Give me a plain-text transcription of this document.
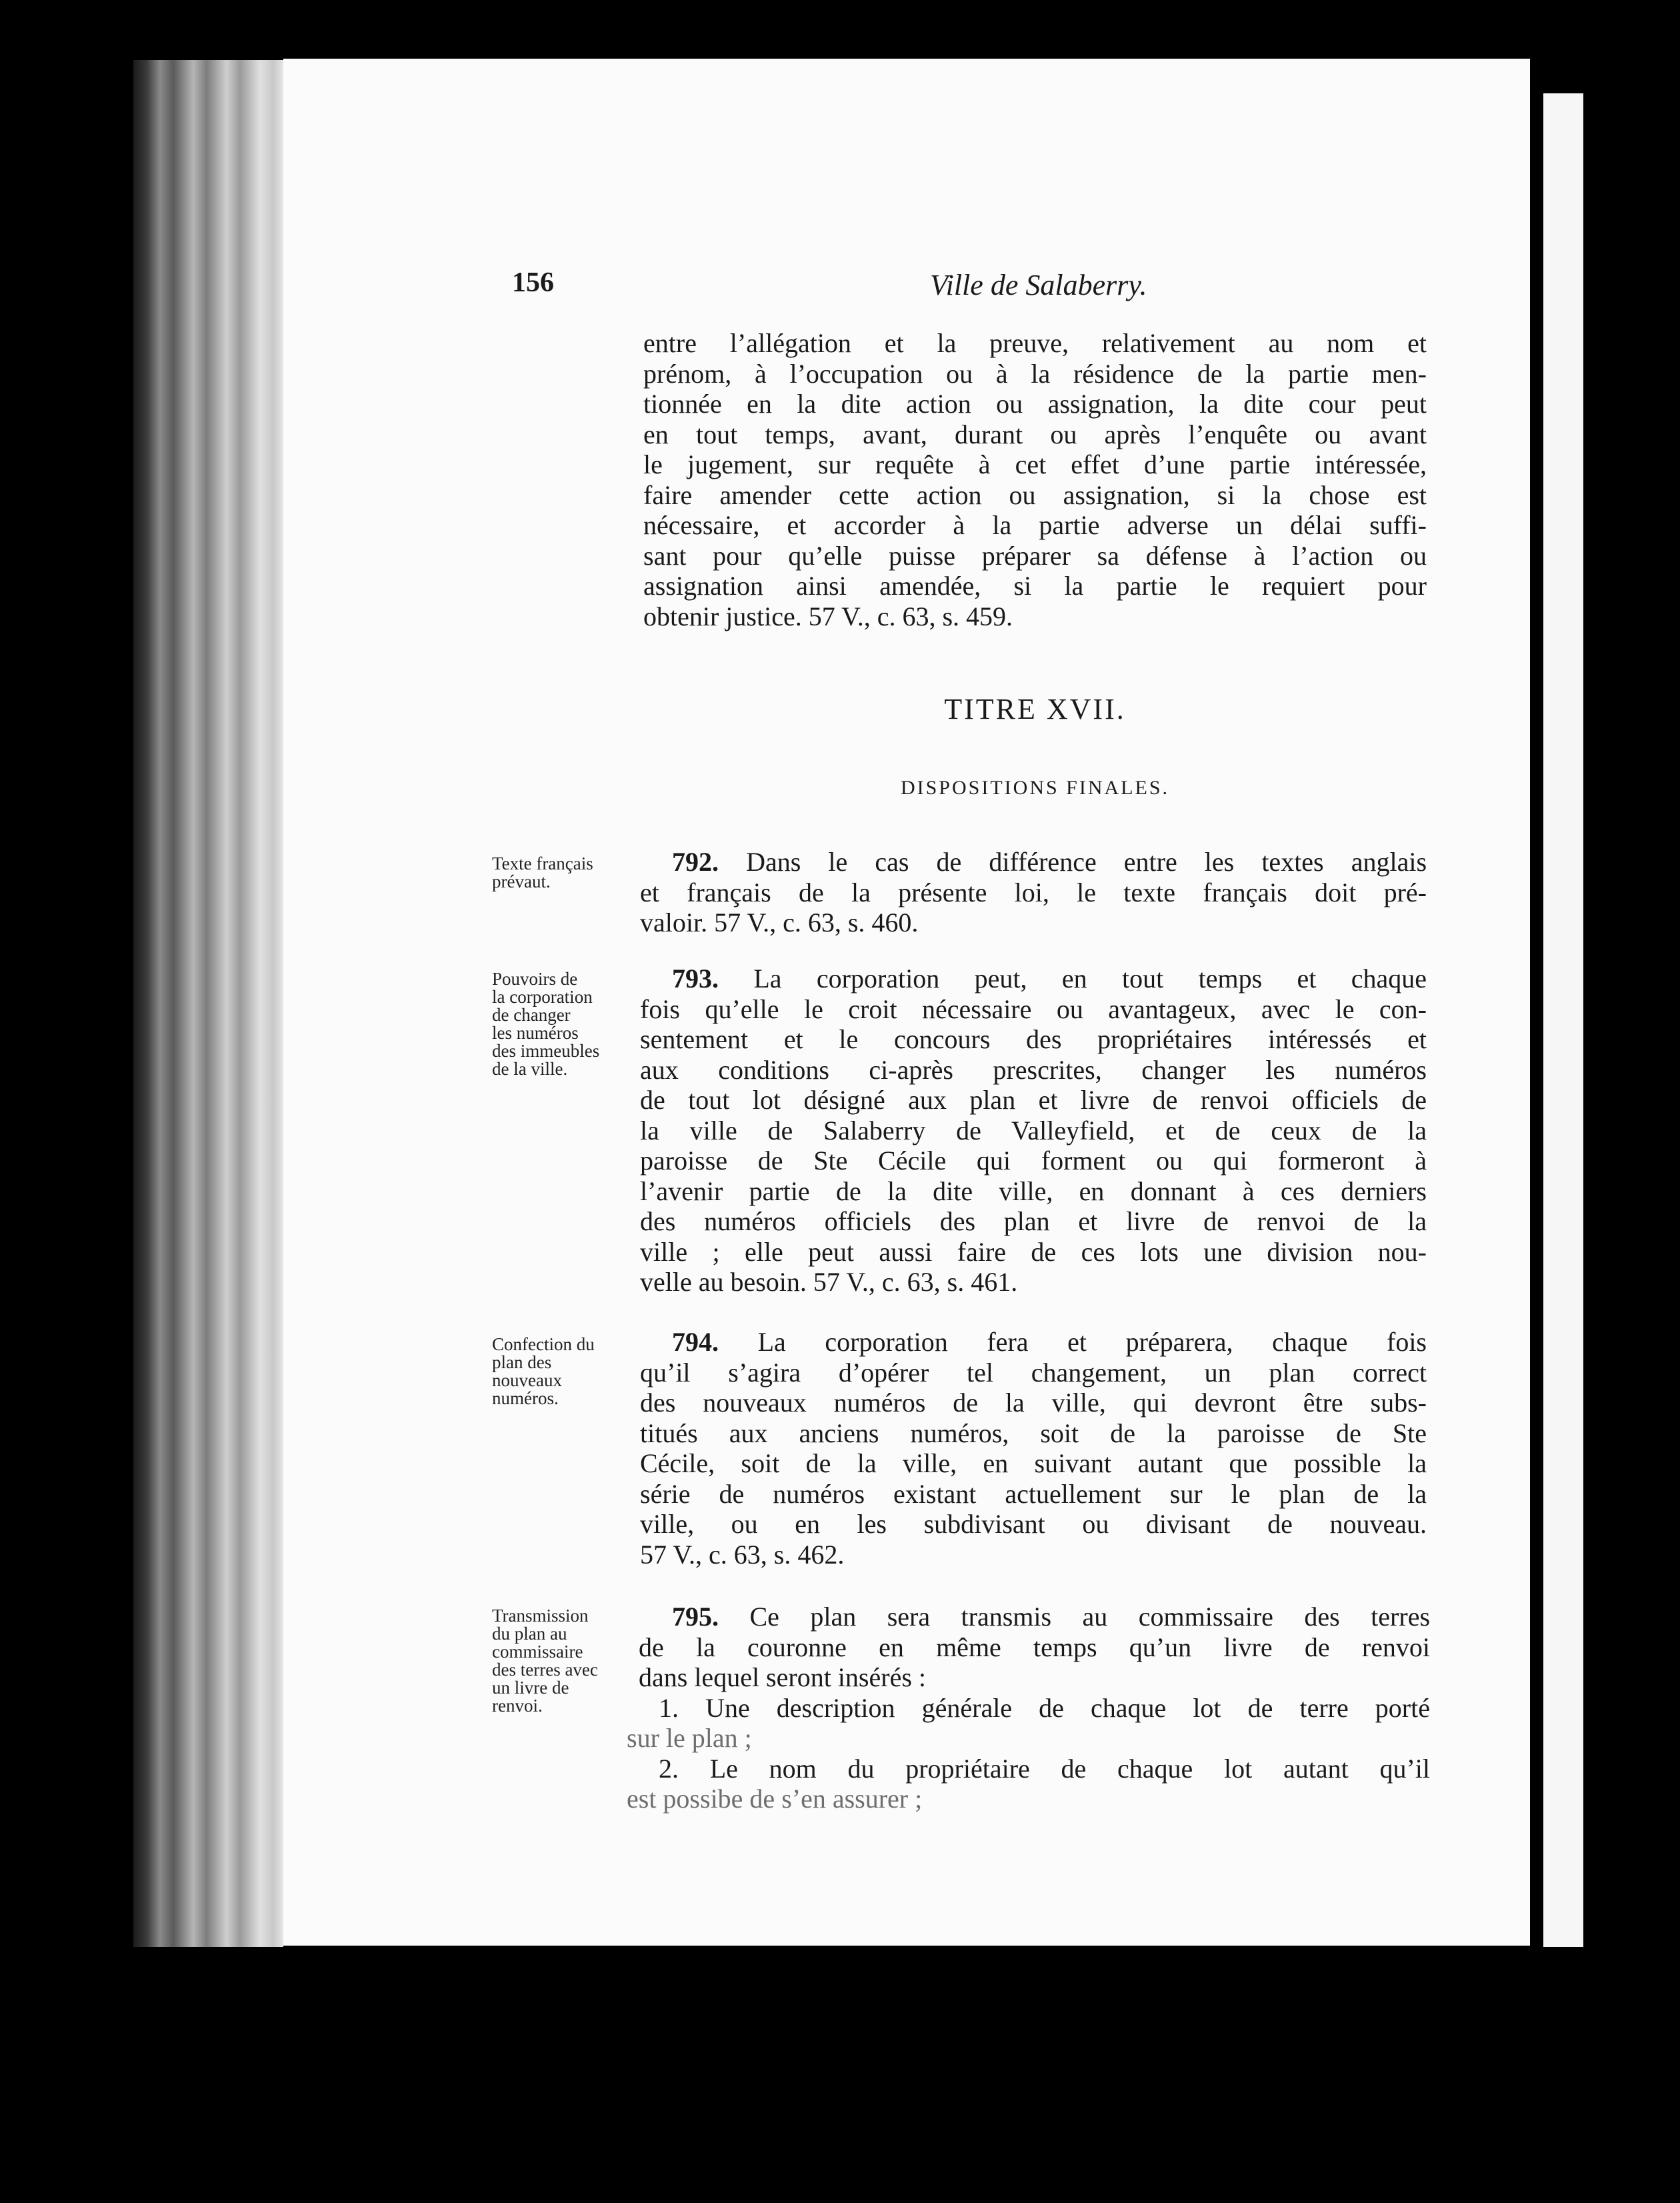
156	Ville de Salaberry.
entre l’allégation et la preuve, relativement au nom et
prénom, à l’occupation ou à la résidence de la partie men-
tionnée en la dite action ou assignation, la dite cour peut
en tout temps, avant, durant ou après l’enquête ou avant
le jugement, sur requête à cet effet d’une partie intéressée,
faire amender cette action ou assignation, si la chose est
nécessaire, et accorder à la partie adverse un délai suffi-
sant pour qu’elle puisse préparer sa défense à l’action ou
assignation ainsi amendée, si la partie le requiert pour
obtenir justice. 57 V., c. 63, s. 459.
TITRE XVII.
DISPOSITIONS FINALES.
Texte français
prévaut.
792. Dans le cas de différence entre les textes anglais
et français de la présente loi, le texte français doit pré-
valoir. 57 V., c. 63, s. 460.
Pouvoirs de
la corporation
de changer
les numéros
des immeubles
de la ville.
793. La corporation peut, en tout temps et chaque
fois qu’elle le croit nécessaire ou avantageux, avec le con-
sentement et le concours des propriétaires intéressés et
aux conditions ci-après prescrites, changer les numéros
de tout lot désigné aux plan et livre de renvoi officiels de
la ville de Salaberry de Valleyfield, et de ceux de la
paroisse de Ste Cécile qui forment ou qui formeront à
l’avenir partie de la dite ville, en donnant à ces derniers
des numéros officiels des plan et livre de renvoi de la
ville ; elle peut aussi faire de ces lots une division nou-
velle au besoin. 57 V., c. 63, s. 461.
Confection du
plan des
nouveaux
numéros.
794. La corporation fera et préparera, chaque fois
qu’il s’agira d’opérer tel changement, un plan correct
des nouveaux numéros de la ville, qui devront être subs-
titués aux anciens numéros, soit de la paroisse de Ste
Cécile, soit de la ville, en suivant autant que possible la
série de numéros existant actuellement sur le plan de la
ville, ou en les subdivisant ou divisant de nouveau.
57 V., c. 63, s. 462.
Transmission
du plan au
commissaire
des terres avec
un livre de
renvoi.
795. Ce plan sera transmis au commissaire des terres
de la couronne en même temps qu’un livre de renvoi
dans lequel seront insérés :
1. Une description générale de chaque lot de terre porté
sur le plan ;
2. Le nom du propriétaire de chaque lot autant qu’il
est possibe de s’en assurer ;
